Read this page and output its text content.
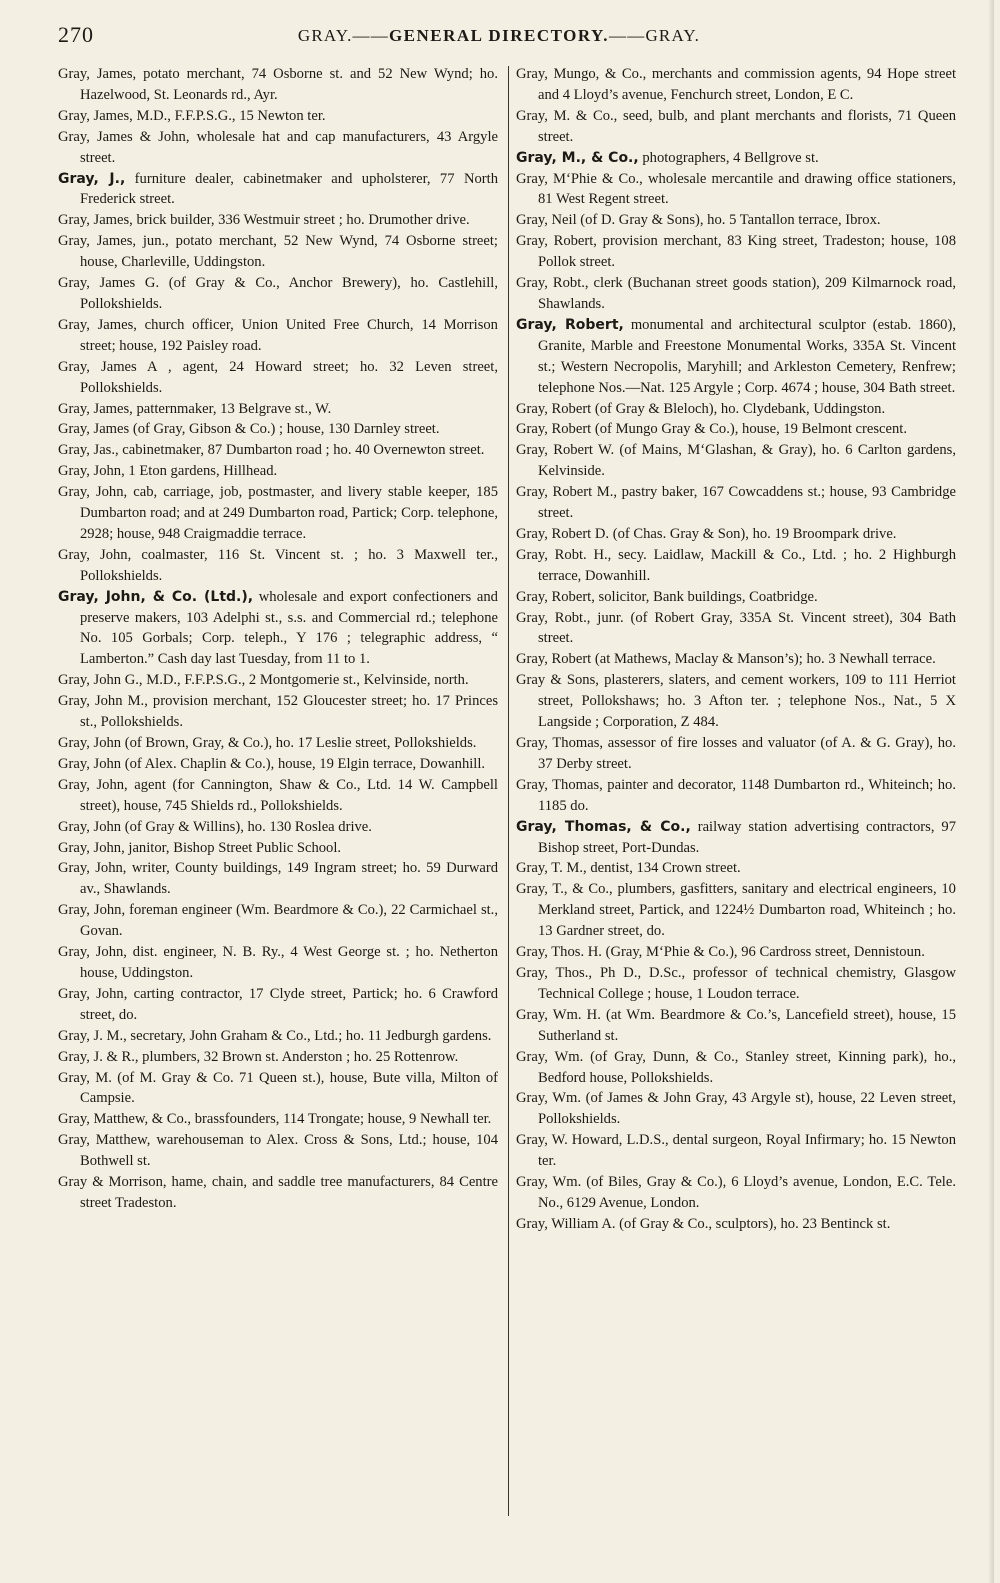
270	GRAY.——GENERAL DIRECTORY.——GRAY.
Gray, James, potato merchant, 74 Osborne st. and 52 New Wynd; ho. Hazelwood, St. Leonards rd., Ayr.
Gray, James, M.D., F.F.P.S.G., 15 Newton ter.
Gray, James & John, wholesale hat and cap manufacturers, 43 Argyle street.
Gray, J., furniture dealer, cabinetmaker and upholsterer, 77 North Frederick street.
Gray, James, brick builder, 336 Westmuir street ; ho. Drumother drive.
Gray, James, jun., potato merchant, 52 New Wynd, 74 Osborne street; house, Charleville, Uddingston.
Gray, James G. (of Gray & Co., Anchor Brewery), ho. Castlehill, Pollokshields.
Gray, James, church officer, Union United Free Church, 14 Morrison street; house, 192 Paisley road.
Gray, James A , agent, 24 Howard street; ho. 32 Leven street, Pollokshields.
Gray, James, patternmaker, 13 Belgrave st., W.
Gray, James (of Gray, Gibson & Co.) ; house, 130 Darnley street.
Gray, Jas., cabinetmaker, 87 Dumbarton road ; ho. 40 Overnewton street.
Gray, John, 1 Eton gardens, Hillhead.
Gray, John, cab, carriage, job, postmaster, and livery stable keeper, 185 Dumbarton road; and at 249 Dumbarton road, Partick; Corp. telephone, 2928; house, 948 Craigmaddie terrace.
Gray, John, coalmaster, 116 St. Vincent st. ; ho. 3 Maxwell ter., Pollokshields.
Gray, John, & Co. (Ltd.), wholesale and export confectioners and preserve makers, 103 Adelphi st., s.s. and Commercial rd.; telephone No. 105 Gorbals; Corp. teleph., Y 176 ; telegraphic address, “ Lamberton.” Cash day last Tuesday, from 11 to 1.
Gray, John G., M.D., F.F.P.S.G., 2 Montgomerie st., Kelvinside, north.
Gray, John M., provision merchant, 152 Gloucester street; ho. 17 Princes st., Pollokshields.
Gray, John (of Brown, Gray, & Co.), ho. 17 Leslie street, Pollokshields.
Gray, John (of Alex. Chaplin & Co.), house, 19 Elgin terrace, Dowanhill.
Gray, John, agent (for Cannington, Shaw & Co., Ltd. 14 W. Campbell street), house, 745 Shields rd., Pollokshields.
Gray, John (of Gray & Willins), ho. 130 Roslea drive.
Gray, John, janitor, Bishop Street Public School.
Gray, John, writer, County buildings, 149 Ingram street; ho. 59 Durward av., Shawlands.
Gray, John, foreman engineer (Wm. Beardmore & Co.), 22 Carmichael st., Govan.
Gray, John, dist. engineer, N. B. Ry., 4 West George st. ; ho. Netherton house, Uddingston.
Gray, John, carting contractor, 17 Clyde street, Partick; ho. 6 Crawford street, do.
Gray, J. M., secretary, John Graham & Co., Ltd.; ho. 11 Jedburgh gardens.
Gray, J. & R., plumbers, 32 Brown st. Anderston ; ho. 25 Rottenrow.
Gray, M. (of M. Gray & Co. 71 Queen st.), house, Bute villa, Milton of Campsie.
Gray, Matthew, & Co., brassfounders, 114 Trongate; house, 9 Newhall ter.
Gray, Matthew, warehouseman to Alex. Cross & Sons, Ltd.; house, 104 Bothwell st.
Gray & Morrison, hame, chain, and saddle tree manufacturers, 84 Centre street Tradeston.
Gray, Mungo, & Co., merchants and commission agents, 94 Hope street and 4 Lloyd’s avenue, Fenchurch street, London, E C.
Gray, M. & Co., seed, bulb, and plant merchants and florists, 71 Queen street.
Gray, M., & Co., photographers, 4 Bellgrove st.
Gray, M‘Phie & Co., wholesale mercantile and drawing office stationers, 81 West Regent street.
Gray, Neil (of D. Gray & Sons), ho. 5 Tantallon terrace, Ibrox.
Gray, Robert, provision merchant, 83 King street, Tradeston; house, 108 Pollok street.
Gray, Robt., clerk (Buchanan street goods station), 209 Kilmarnock road, Shawlands.
Gray, Robert, monumental and architectural sculptor (estab. 1860), Granite, Marble and Freestone Monumental Works, 335A St. Vincent st.; Western Necropolis, Maryhill; and Arkleston Cemetery, Renfrew; telephone Nos.—Nat. 125 Argyle ; Corp. 4674 ; house, 304 Bath street.
Gray, Robert (of Gray & Bleloch), ho. Clydebank, Uddingston.
Gray, Robert (of Mungo Gray & Co.), house, 19 Belmont crescent.
Gray, Robert W. (of Mains, M‘Glashan, & Gray), ho. 6 Carlton gardens, Kelvinside.
Gray, Robert M., pastry baker, 167 Cowcaddens st.; house, 93 Cambridge street.
Gray, Robert D. (of Chas. Gray & Son), ho. 19 Broompark drive.
Gray, Robt. H., secy. Laidlaw, Mackill & Co., Ltd. ; ho. 2 Highburgh terrace, Dowanhill.
Gray, Robert, solicitor, Bank buildings, Coatbridge.
Gray, Robt., junr. (of Robert Gray, 335A St. Vincent street), 304 Bath street.
Gray, Robert (at Mathews, Maclay & Manson’s); ho. 3 Newhall terrace.
Gray & Sons, plasterers, slaters, and cement workers, 109 to 111 Herriot street, Pollokshaws; ho. 3 Afton ter. ; telephone Nos., Nat., 5 X Langside ; Corporation, Z 484.
Gray, Thomas, assessor of fire losses and valuator (of A. & G. Gray), ho. 37 Derby street.
Gray, Thomas, painter and decorator, 1148 Dumbarton rd., Whiteinch; ho. 1185 do.
Gray, Thomas, & Co., railway station advertising contractors, 97 Bishop street, Port-Dundas.
Gray, T. M., dentist, 134 Crown street.
Gray, T., & Co., plumbers, gasfitters, sanitary and electrical engineers, 10 Merkland street, Partick, and 1224½ Dumbarton road, Whiteinch ; ho. 13 Gardner street, do.
Gray, Thos. H. (Gray, M‘Phie & Co.), 96 Cardross street, Dennistoun.
Gray, Thos., Ph D., D.Sc., professor of technical chemistry, Glasgow Technical College ; house, 1 Loudon terrace.
Gray, Wm. H. (at Wm. Beardmore & Co.’s, Lancefield street), house, 15 Sutherland st.
Gray, Wm. (of Gray, Dunn, & Co., Stanley street, Kinning park), ho., Bedford house, Pollokshields.
Gray, Wm. (of James & John Gray, 43 Argyle st), house, 22 Leven street, Pollokshields.
Gray, W. Howard, L.D.S., dental surgeon, Royal Infirmary; ho. 15 Newton ter.
Gray, Wm. (of Biles, Gray & Co.), 6 Lloyd’s avenue, London, E.C. Tele. No., 6129 Avenue, London.
Gray, William A. (of Gray & Co., sculptors), ho. 23 Bentinck st.
